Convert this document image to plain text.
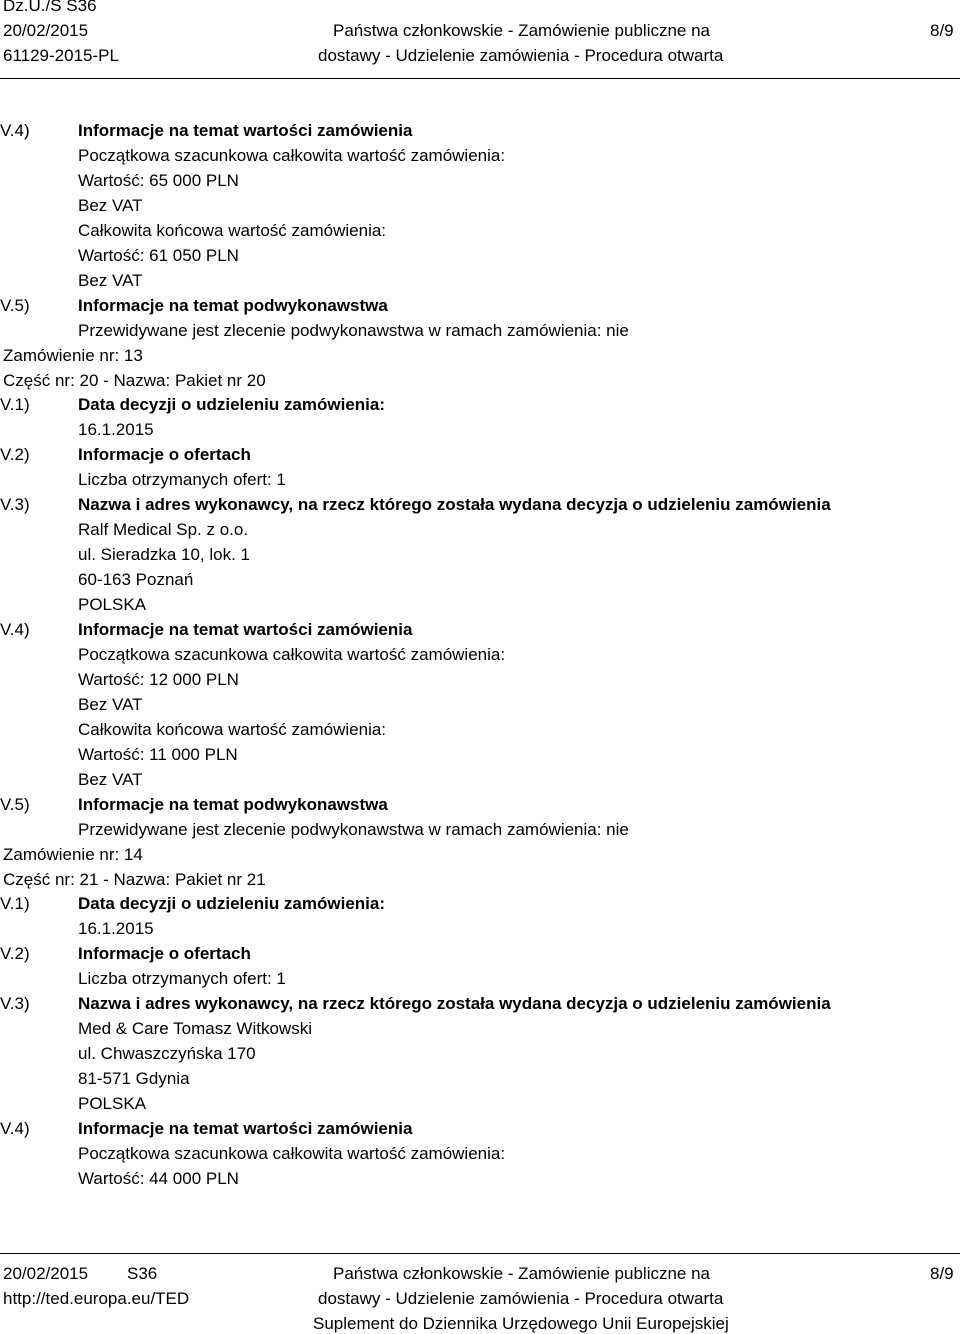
Dz.U./S S36
20/02/2015
61129-2015-PL
Państwa członkowskie - Zamówienie publiczne na
dostawy - Udzielenie zamówienia - Procedura otwarta
8/9
V.4)	Informacje na temat wartości zamówienia
Początkowa szacunkowa całkowita wartość zamówienia:
Wartość: 65 000 PLN
Bez VAT
Całkowita końcowa wartość zamówienia:
Wartość: 61 050 PLN
Bez VAT
V.5)	Informacje na temat podwykonawstwa
Przewidywane jest zlecenie podwykonawstwa w ramach zamówienia: nie
Zamówienie nr: 13
Część nr: 20 - Nazwa: Pakiet nr 20
V.1)	Data decyzji o udzieleniu zamówienia:
16.1.2015
V.2)	Informacje o ofertach
Liczba otrzymanych ofert: 1
V.3)	Nazwa i adres wykonawcy, na rzecz którego została wydana decyzja o udzieleniu zamówienia
Ralf Medical Sp. z o.o.
ul. Sieradzka 10, lok. 1
60-163 Poznań
POLSKA
V.4)	Informacje na temat wartości zamówienia
Początkowa szacunkowa całkowita wartość zamówienia:
Wartość: 12 000 PLN
Bez VAT
Całkowita końcowa wartość zamówienia:
Wartość: 11 000 PLN
Bez VAT
V.5)	Informacje na temat podwykonawstwa
Przewidywane jest zlecenie podwykonawstwa w ramach zamówienia: nie
Zamówienie nr: 14
Część nr: 21 - Nazwa: Pakiet nr 21
V.1)	Data decyzji o udzieleniu zamówienia:
16.1.2015
V.2)	Informacje o ofertach
Liczba otrzymanych ofert: 1
V.3)	Nazwa i adres wykonawcy, na rzecz którego została wydana decyzja o udzieleniu zamówienia
Med & Care Tomasz Witkowski
ul. Chwaszczyńska 170
81-571 Gdynia
POLSKA
V.4)	Informacje na temat wartości zamówienia
Początkowa szacunkowa całkowita wartość zamówienia:
Wartość: 44 000 PLN
20/02/2015 S36
http://ted.europa.eu/TED
Państwa członkowskie - Zamówienie publiczne na
dostawy - Udzielenie zamówienia - Procedura otwarta
Suplement do Dziennika Urzędowego Unii Europejskiej
8/9
